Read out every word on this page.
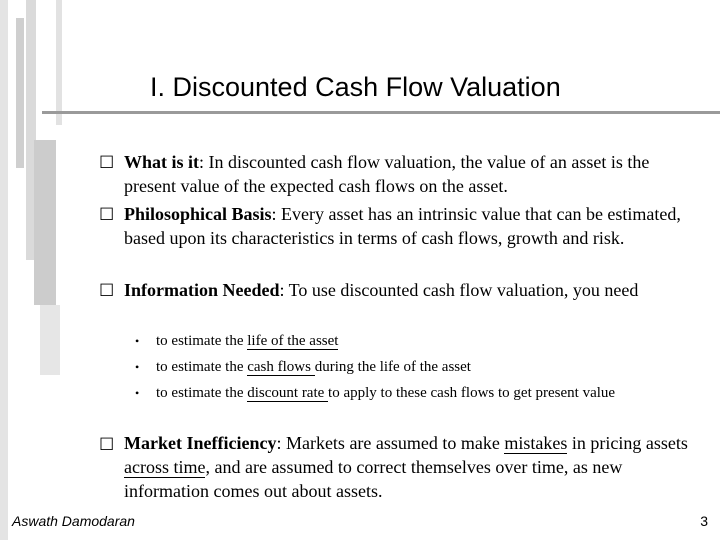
I. Discounted Cash Flow Valuation
☐ What is it: In discounted cash flow valuation, the value of an asset is the present value of the expected cash flows on the asset.
☐ Philosophical Basis: Every asset has an intrinsic value that can be estimated, based upon its characteristics in terms of cash flows, growth and risk.
☐ Information Needed: To use discounted cash flow valuation, you need
• to estimate the life of the asset
• to estimate the cash flows during the life of the asset
• to estimate the discount rate to apply to these cash flows to get present value
☐ Market Inefficiency: Markets are assumed to make mistakes in pricing assets across time, and are assumed to correct themselves over time, as new information comes out about assets.
Aswath Damodaran	3
